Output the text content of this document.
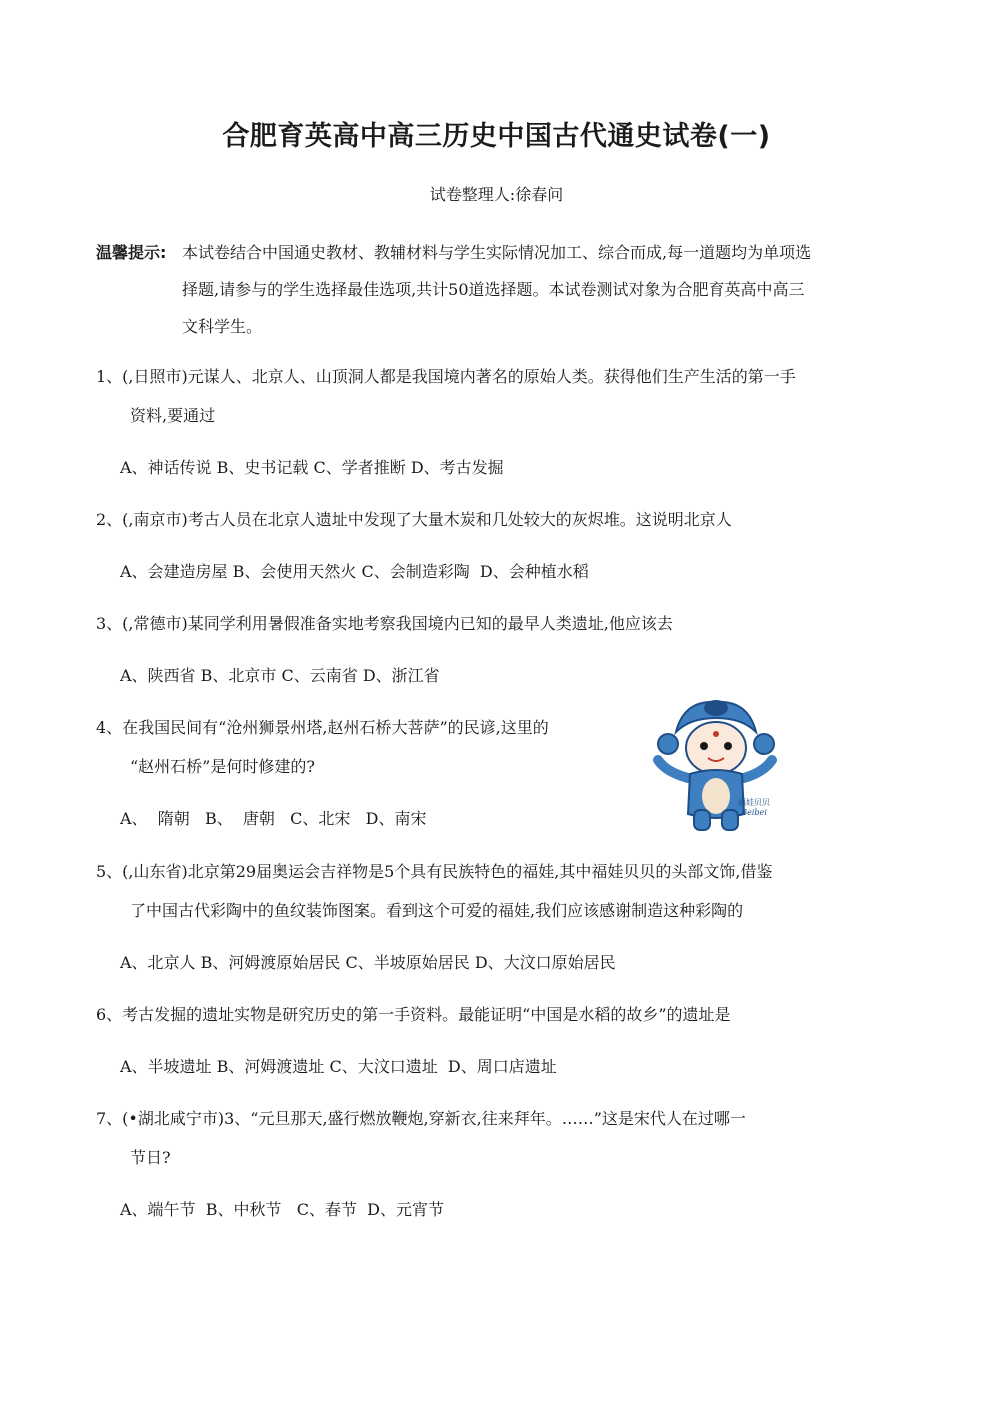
合肥育英高中高三历史中国古代通史试卷(一)
试卷整理人:徐春问
温馨提示: 本试卷结合中国通史教材、教辅材料与学生实际情况加工、综合而成,每一道题均为单项选
择题,请参与的学生选择最佳选项,共计50道选择题。本试卷测试对象为合肥育英高中高三
文科学生。
1、(,日照市)元谋人、北京人、山顶洞人都是我国境内著名的原始人类。获得他们生产生活的第一手
资料,要通过
A、神话传说 B、史书记载 C、学者推断 D、考古发掘
2、(,南京市)考古人员在北京人遗址中发现了大量木炭和几处较大的灰烬堆。这说明北京人
A、会建造房屋 B、会使用天然火 C、会制造彩陶  D、会种植水稻
3、(,常德市)某同学利用暑假准备实地考察我国境内已知的最早人类遗址,他应该去
A、陕西省 B、北京市 C、云南省 D、浙江省
4、在我国民间有“沧州狮景州塔,赵州石桥大菩萨”的民谚,这里的
“赵州石桥”是何时修建的?
A、  隋朝   B、  唐朝   C、北宋   D、南宋
福娃贝贝
Beibei
5、(,山东省)北京第29届奥运会吉祥物是5个具有民族特色的福娃,其中福娃贝贝的头部文饰,借鉴
了中国古代彩陶中的鱼纹装饰图案。看到这个可爱的福娃,我们应该感谢制造这种彩陶的
A、北京人 B、河姆渡原始居民 C、半坡原始居民 D、大汶口原始居民
6、考古发掘的遗址实物是研究历史的第一手资料。最能证明“中国是水稻的故乡”的遗址是
A、半坡遗址 B、河姆渡遗址 C、大汶口遗址  D、周口店遗址
7、(•湖北咸宁市)3、“元旦那天,盛行燃放鞭炮,穿新衣,往来拜年。……”这是宋代人在过哪一
节日?
A、端午节  B、中秋节   C、春节  D、元宵节
